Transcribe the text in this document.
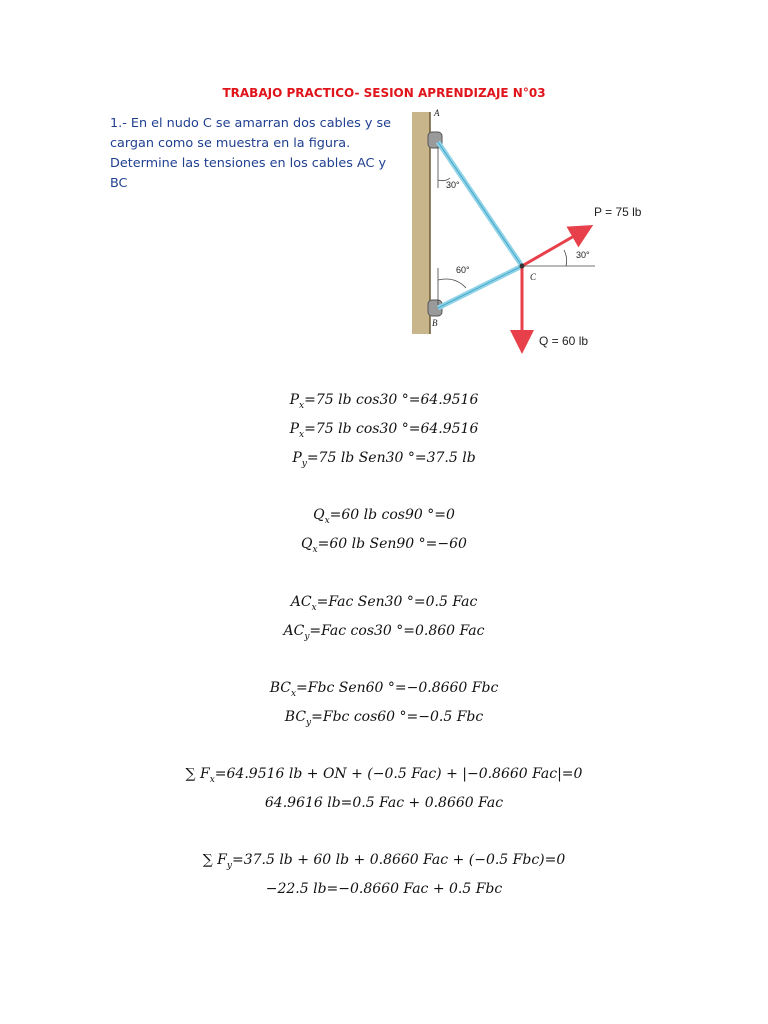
TRABAJO PRACTICO- SESION APRENDIZAJE N°03
1.- En el nudo C se amarran dos cables y se cargan como se muestra en la figura. Determine las tensiones en los cables AC y BC
A
B
C
30°
60°
30°
P = 75 lb
Q = 60 lb
$P_x=75$ lb cos30 °=64.9516
$P_x=75$ lb cos30 °=64.9516
$P_y=75$ lb Sen30 °=37.5 lb
$Q_x=60$ lb cos90 °=0
$Q_x=60$ lb Sen90 °=−60
$AC_x=Fac$ Sen30 °=0.5 Fac
$AC_y=Fac$ cos30 °=0.860 Fac
$BC_x=Fbc$ Sen60 °=−0.8660 Fbc
$BC_y=Fbc$ cos60 °=−0.5 Fbc
∑ $F_x=64.9516$ lb + ON + (−0.5 Fac) + |−0.8660 Fac|=0
64.9616 lb=0.5 Fac + 0.8660 Fac
∑ $F_y=37.5$ lb + 60 lb + 0.8660 Fac + (−0.5 Fbc)=0
−22.5 lb=−0.8660 Fac + 0.5 Fbc
